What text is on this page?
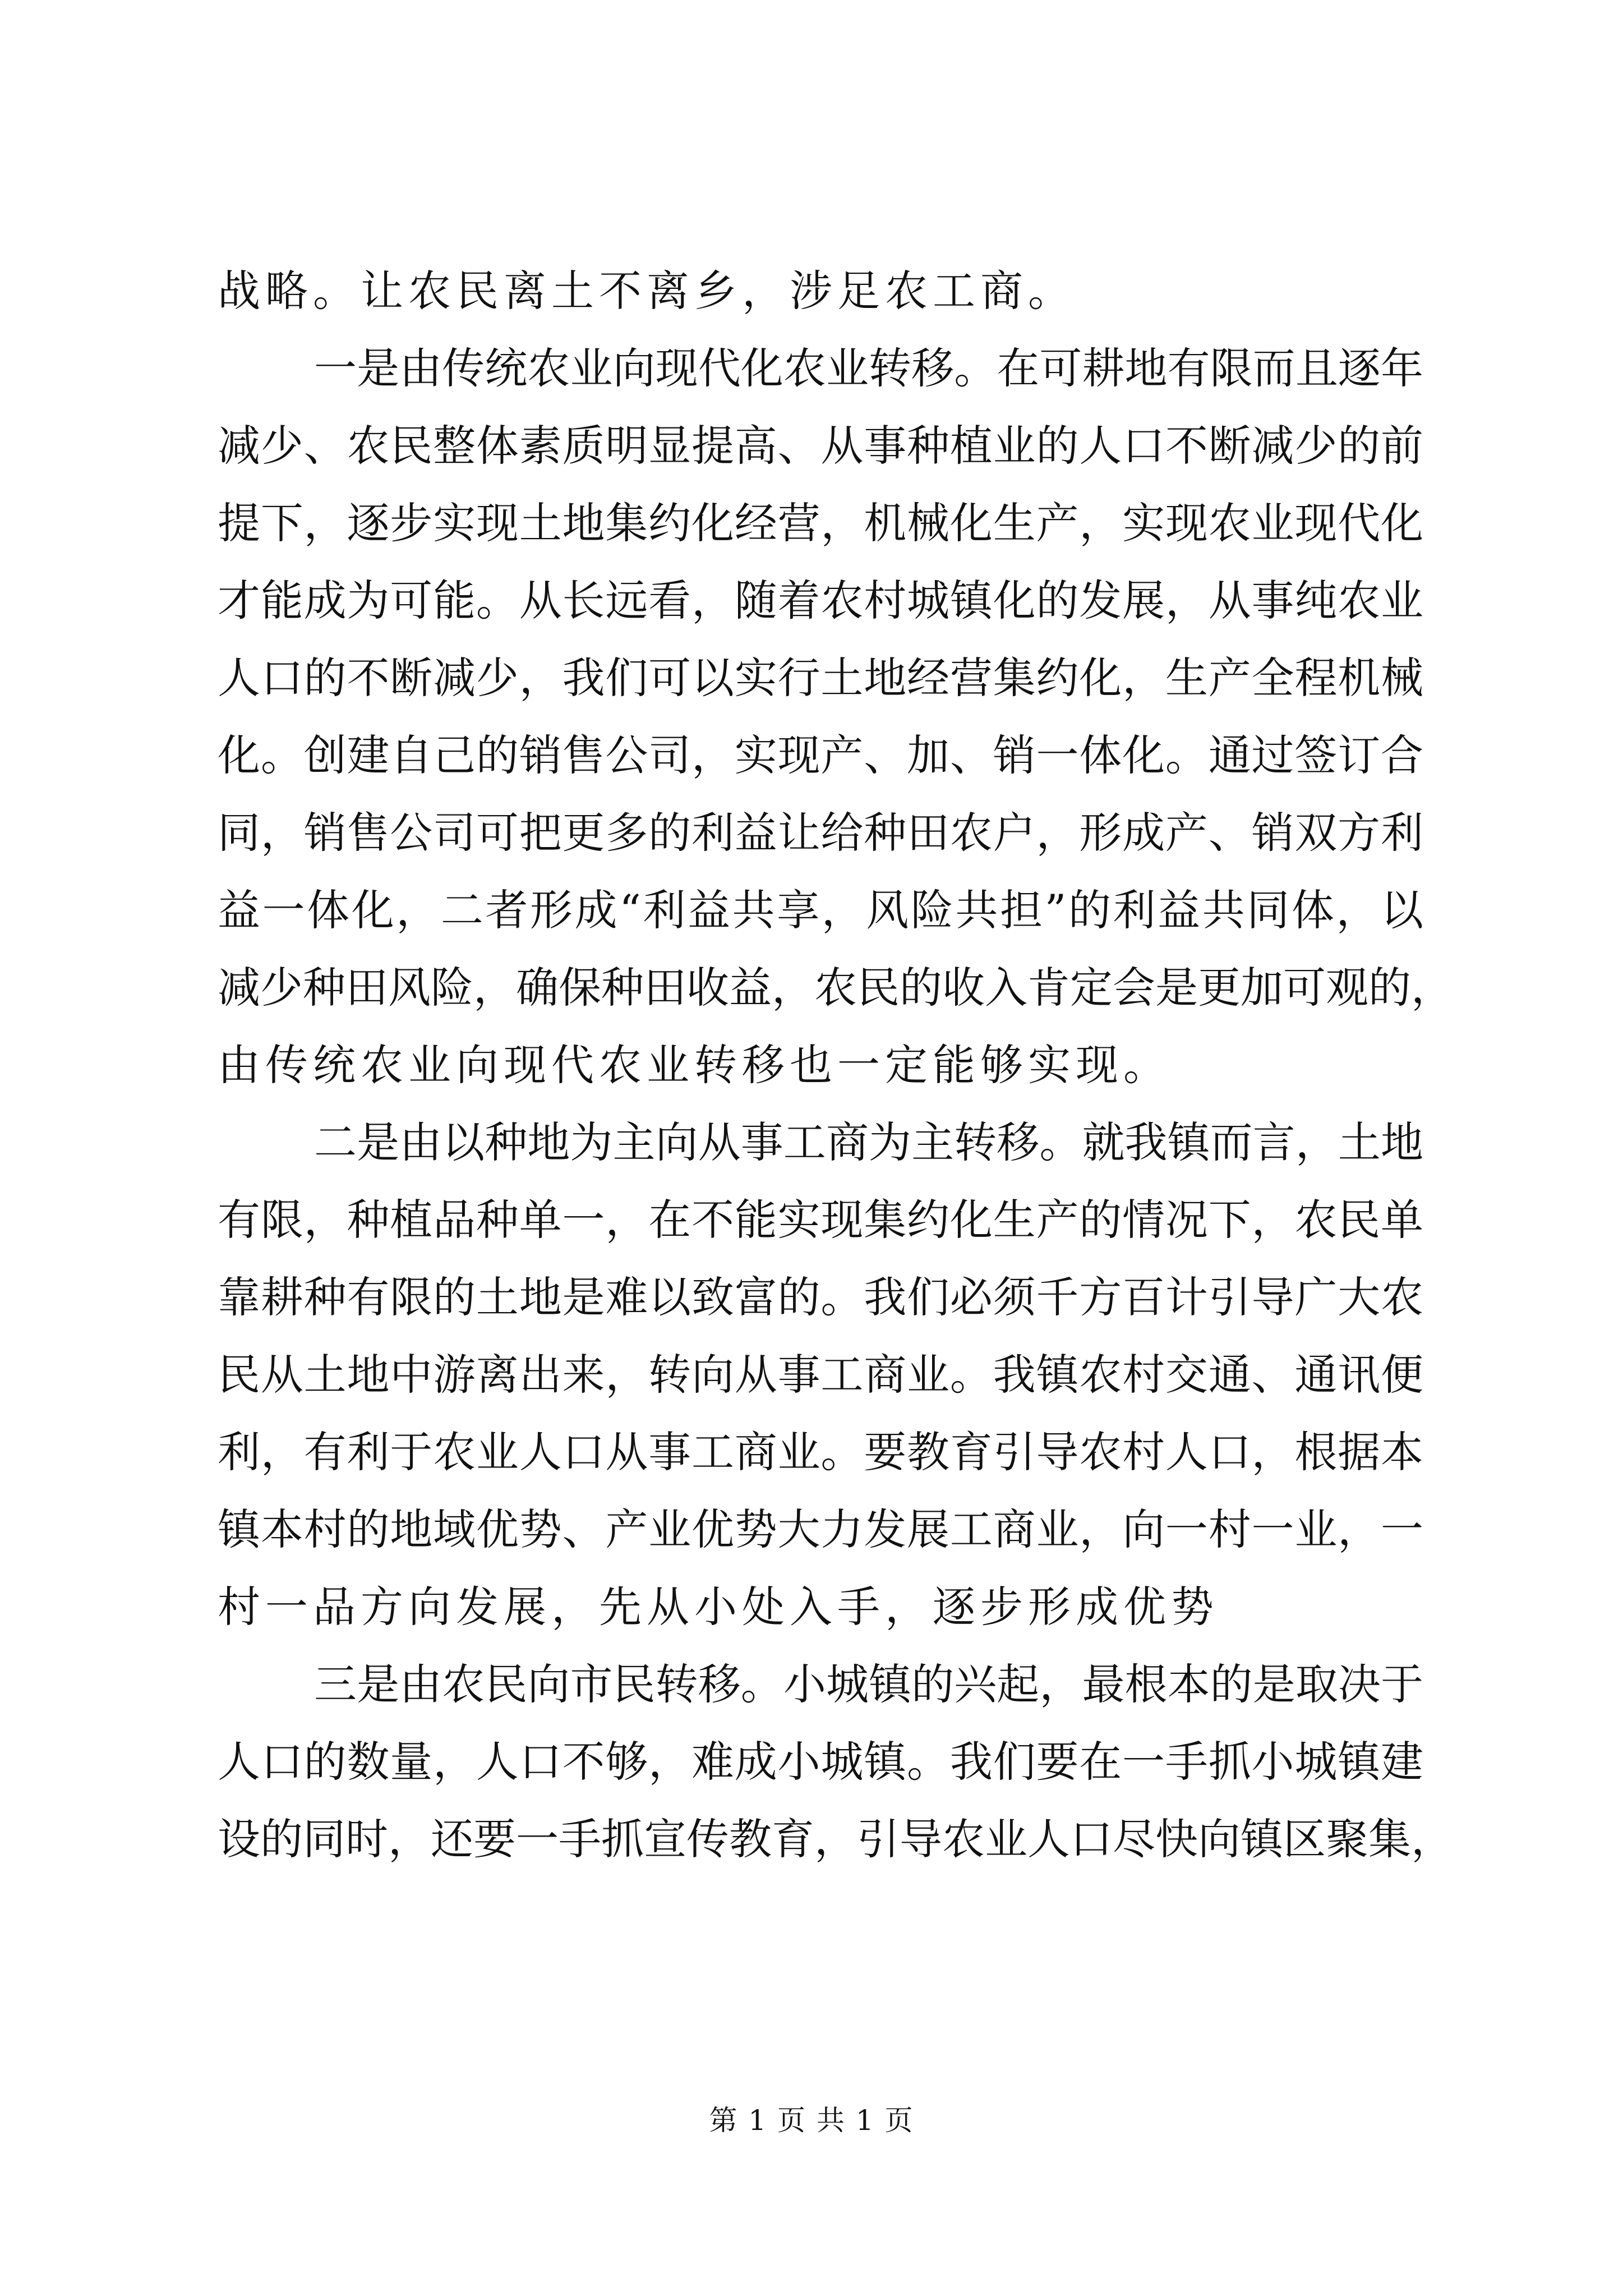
战略。让农民离土不离乡，涉足农工商。
一是由传统农业向现代化农业转移。在可耕地有限而且逐年
减少、农民整体素质明显提高、从事种植业的人口不断减少的前
提下，逐步实现土地集约化经营，机械化生产，实现农业现代化
才能成为可能。从长远看，随着农村城镇化的发展，从事纯农业
人口的不断减少，我们可以实行土地经营集约化，生产全程机械
化。创建自己的销售公司，实现产、加、销一体化。通过签订合
同，销售公司可把更多的利益让给种田农户，形成产、销双方利
益一体化，二者形成“利益共享，风险共担”的利益共同体，以
减少种田风险，确保种田收益，农民的收入肯定会是更加可观的，
由传统农业向现代农业转移也一定能够实现。
二是由以种地为主向从事工商为主转移。就我镇而言，土地
有限，种植品种单一，在不能实现集约化生产的情况下，农民单
靠耕种有限的土地是难以致富的。我们必须千方百计引导广大农
民从土地中游离出来，转向从事工商业。我镇农村交通、通讯便
利，有利于农业人口从事工商业。要教育引导农村人口，根据本
镇本村的地域优势、产业优势大力发展工商业，向一村一业，一
村一品方向发展，先从小处入手，逐步形成优势
三是由农民向市民转移。小城镇的兴起，最根本的是取决于
人口的数量，人口不够，难成小城镇。我们要在一手抓小城镇建
设的同时，还要一手抓宣传教育，引导农业人口尽快向镇区聚集，
第 1 页 共 1 页
